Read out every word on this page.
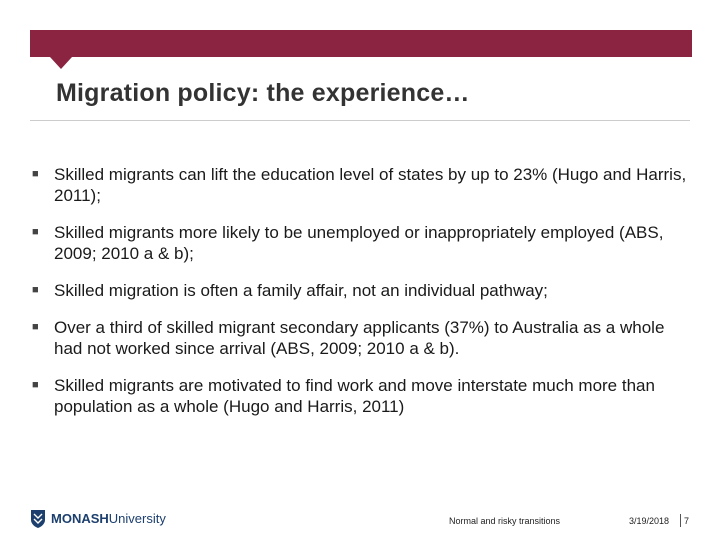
Migration policy: the experience…
■ Skilled migrants can lift the education level of states by up to 23% (Hugo and Harris, 2011);
■ Skilled migrants more likely to be unemployed or inappropriately employed (ABS, 2009; 2010 a & b);
■ Skilled migration is often a family affair, not an individual pathway;
■ Over a third of skilled migrant secondary applicants (37%) to Australia as a whole had not worked since arrival (ABS, 2009; 2010 a & b).
■ Skilled migrants are motivated to find work and move interstate much more than population as a whole (Hugo and Harris, 2011)
MONASHUniversity	Normal and risky transitions	3/19/2018 7
